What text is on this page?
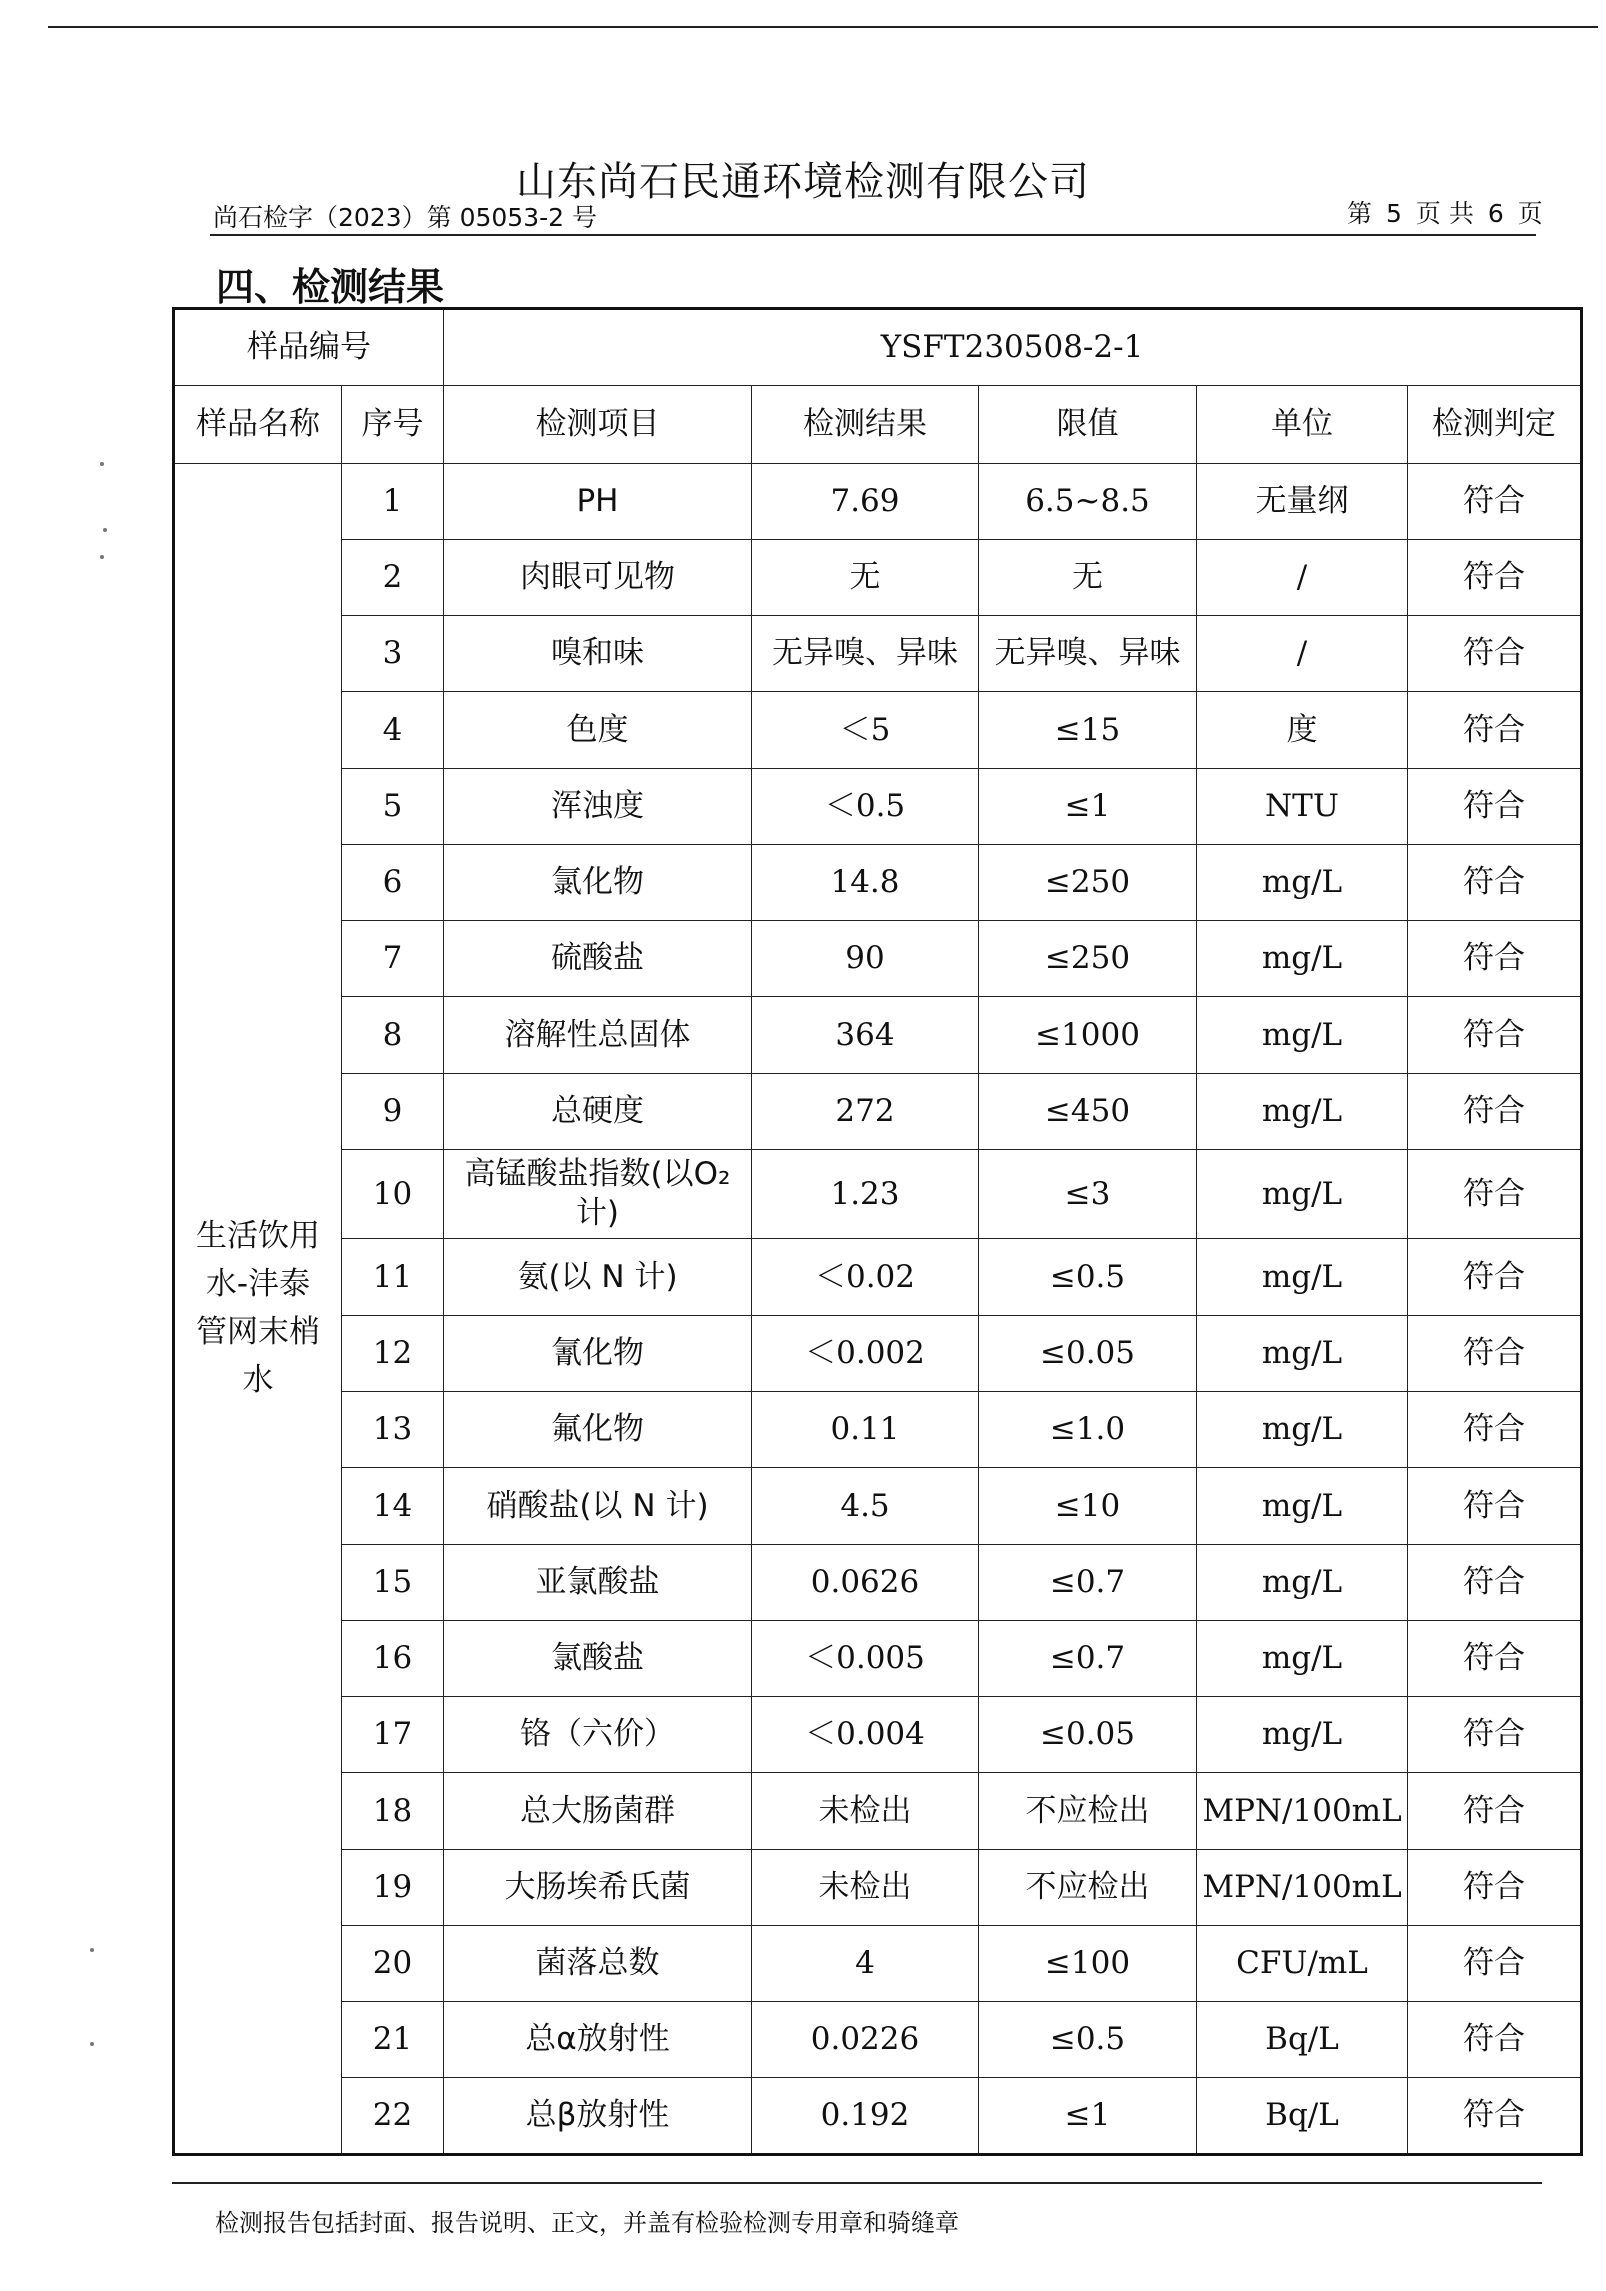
山东尚石民通环境检测有限公司
尚石检字（2023）第 05053-2 号	第 5 页 共 6 页
四、检测结果
样品编号		YSFT230508-2-1				
样品名称	序号	检测项目	检测结果	限值	单位	检测判定

生活饮用
水-沣泰
管网末梢
水	1	PH	7.69	6.5~8.5	无量纲	符合
	2	肉眼可见物	无	无	/	符合
	3	嗅和味	无异嗅、异味	无异嗅、异味	/	符合
	4	色度	＜5	≤15	度	符合
	5	浑浊度	＜0.5	≤1	NTU	符合
	6	氯化物	14.8	≤250	mg/L	符合
	7	硫酸盐	90	≤250	mg/L	符合
	8	溶解性总固体	364	≤1000	mg/L	符合
	9	总硬度	272	≤450	mg/L	符合
	10	高锰酸盐指数(以O₂计)	1.23	≤3	mg/L	符合
	11	氨(以 N 计)	＜0.02	≤0.5	mg/L	符合
	12	氰化物	＜0.002	≤0.05	mg/L	符合
	13	氟化物	0.11	≤1.0	mg/L	符合
	14	硝酸盐(以 N 计)	4.5	≤10	mg/L	符合
	15	亚氯酸盐	0.0626	≤0.7	mg/L	符合
	16	氯酸盐	＜0.005	≤0.7	mg/L	符合
	17	铬（六价）	＜0.004	≤0.05	mg/L	符合
	18	总大肠菌群	未检出	不应检出	MPN/100mL	符合
	19	大肠埃希氏菌	未检出	不应检出	MPN/100mL	符合
	20	菌落总数	4	≤100	CFU/mL	符合
	21	总α放射性	0.0226	≤0.5	Bq/L	符合
	22	总β放射性	0.192	≤1	Bq/L	符合
检测报告包括封面、报告说明、正文，并盖有检验检测专用章和骑缝章
